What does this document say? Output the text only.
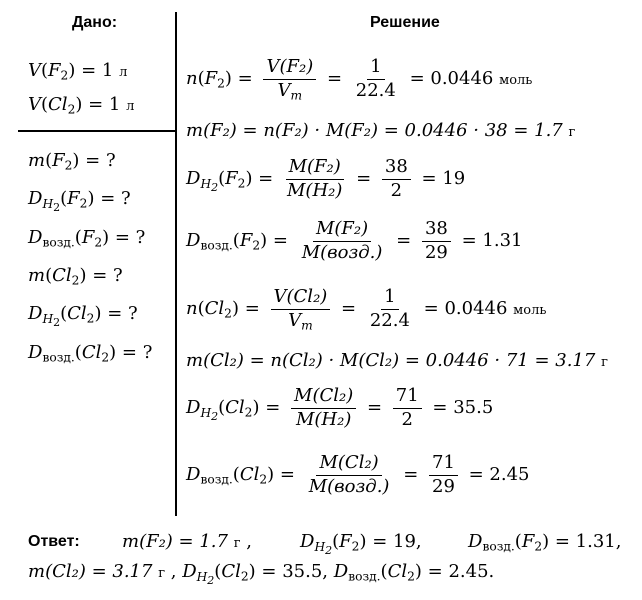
Дано:	Решение
$V(F_2) = 1$ л
$V(Cl_2) = 1$ л
$m(F_2)$ = ?
$D_{H_2}(F_2)$ = ?
$D_{возд.}(F_2)$ = ?
$m(Cl_2)$ = ?
$D_{H_2}(Cl_2)$ = ?
$D_{возд.}(Cl_2)$ = ?
$n(F_2) = \frac{\text{V(F₂)}}{V_m} = \frac{1}{22.4} = 0.0446$ моль
m(F₂) = n(F₂) · M(F₂) = 0.0446 · 38 = 1.7 г
$D_{H_2}(F_2) = \frac{\text{M(F₂)}}{\text{M(H₂)}} = \frac{38}{2} = 19$
$D_{возд.}(F_2) = \frac{\text{M(F₂)}}{\text{M(возд.)}} = \frac{38}{29} = 1.31$
$n(Cl_2) = \frac{\text{V(Cl₂)}}{V_m} = \frac{1}{22.4} = 0.0446$ моль
m(Cl₂) = n(Cl₂) · M(Cl₂) = 0.0446 · 71 = 3.17 г
$D_{H_2}(Cl_2) = \frac{\text{M(Cl₂)}}{\text{M(H₂)}} = \frac{71}{2} = 35.5$
$D_{возд.}(Cl_2) = \frac{\text{M(Cl₂)}}{\text{M(возд.)}} = \frac{71}{29} = 2.45$
Ответ: m(F₂) = 1.7 г ,	$D_{H_2}(F_2) = 19$,	$D_{возд.}(F_2) = 1.31$,
m(Cl₂) = 3.17 г , $D_{H_2}(Cl_2) = 35.5$, $D_{возд.}(Cl_2) = 2.45$.
